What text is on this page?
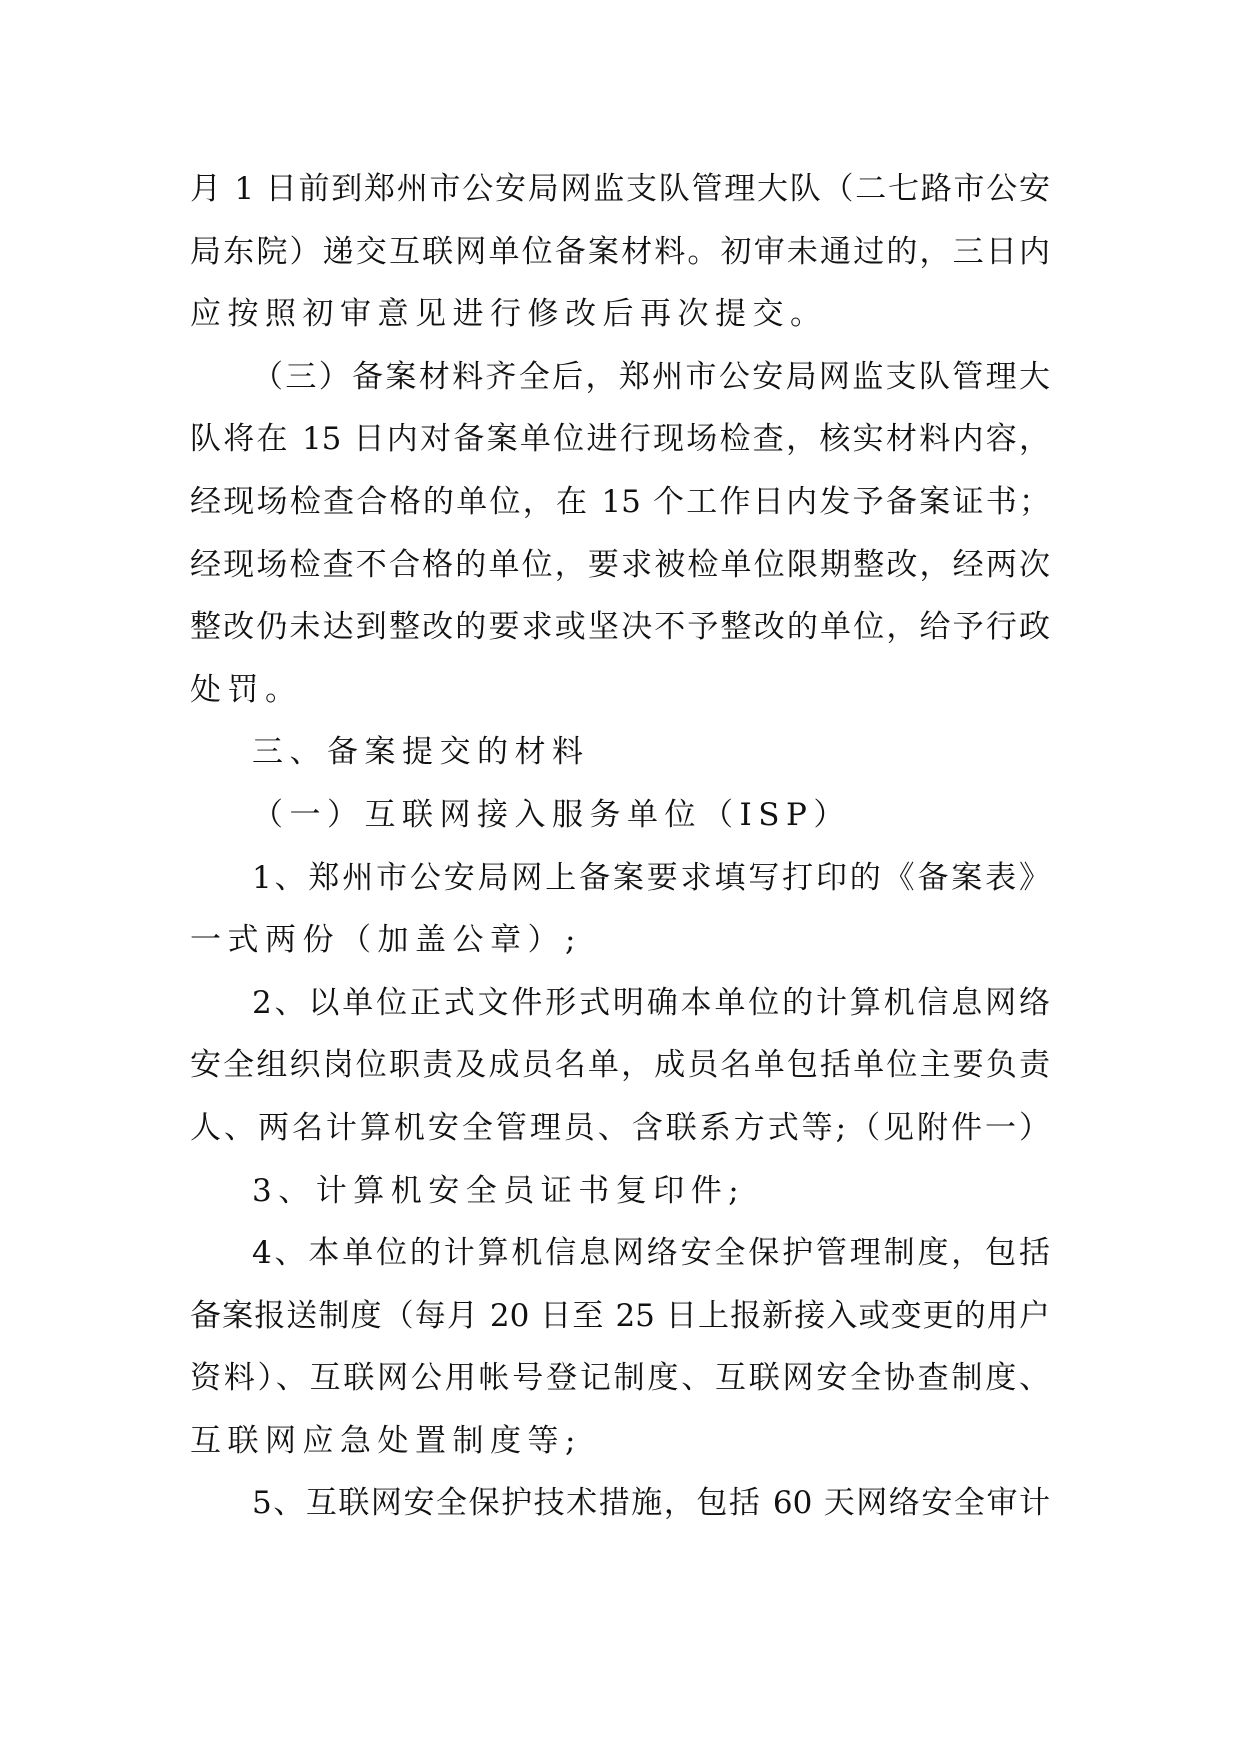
月 1 日前到郑州市公安局网监支队管理大队（二七路市公安
局东院）递交互联网单位备案材料。初审未通过的，三日内
应按照初审意见进行修改后再次提交。
（三）备案材料齐全后，郑州市公安局网监支队管理大
队将在 15 日内对备案单位进行现场检查，核实材料内容，
经现场检查合格的单位，在 15 个工作日内发予备案证书；
经现场检查不合格的单位，要求被检单位限期整改，经两次
整改仍未达到整改的要求或坚决不予整改的单位，给予行政
处罚。
三、备案提交的材料
（一）互联网接入服务单位（ISP）
1、郑州市公安局网上备案要求填写打印的《备案表》
一式两份（加盖公章）;
2、以单位正式文件形式明确本单位的计算机信息网络
安全组织岗位职责及成员名单，成员名单包括单位主要负责
人、两名计算机安全管理员、含联系方式等;（见附件一）
3、计算机安全员证书复印件;
4、本单位的计算机信息网络安全保护管理制度，包括
备案报送制度（每月 20 日至 25 日上报新接入或变更的用户
资料）、互联网公用帐号登记制度、互联网安全协查制度、
互联网应急处置制度等;
5、互联网安全保护技术措施，包括 60 天网络安全审计
